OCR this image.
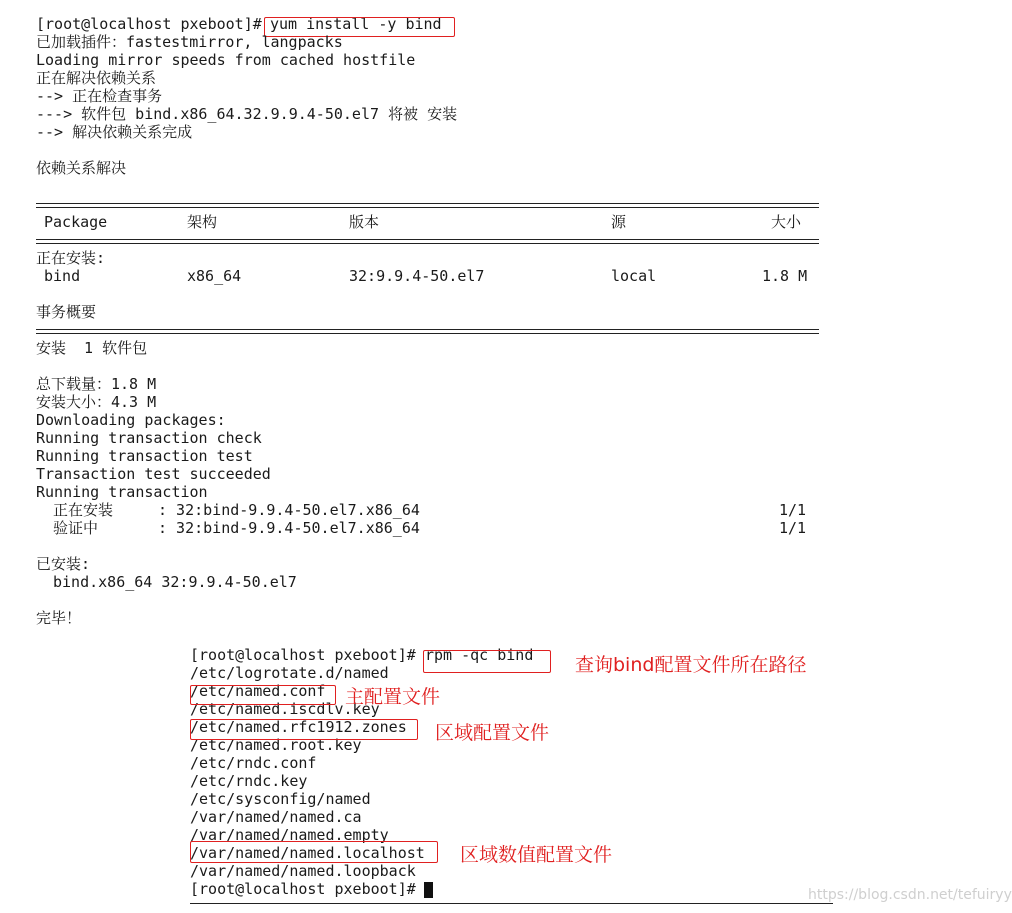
[root@localhost pxeboot]# yum install -y bind
已加载插件：fastestmirror, langpacks
Loading mirror speeds from cached hostfile
正在解决依赖关系
--> 正在检查事务
---> 软件包 bind.x86_64.32.9.9.4-50.el7 将被 安装
--> 解决依赖关系完成
依赖关系解决
Package	架构	版本	源	大小
正在安装:
bind	x86_64	32:9.9.4-50.el7	local	1.8 M
事务概要
安装  1 软件包
总下载量：1.8 M
安装大小：4.3 M
Downloading packages:
Running transaction check
Running transaction test
Transaction test succeeded
Running transaction
正在安装	: 32:bind-9.9.4-50.el7.x86_64	1/1
验证中	: 32:bind-9.9.4-50.el7.x86_64	1/1
已安装:
bind.x86_64 32:9.9.4-50.el7
完毕！
[root@localhost pxeboot]# rpm -qc bind
/etc/logrotate.d/named
/etc/named.conf
/etc/named.iscdlv.key
/etc/named.rfc1912.zones
/etc/named.root.key
/etc/rndc.conf
/etc/rndc.key
/etc/sysconfig/named
/var/named/named.ca
/var/named/named.empty
/var/named/named.localhost
/var/named/named.loopback
[root@localhost pxeboot]#
查询bind配置文件所在路径
主配置文件
区域配置文件
区域数值配置文件
https://blog.csdn.net/tefuiryy
